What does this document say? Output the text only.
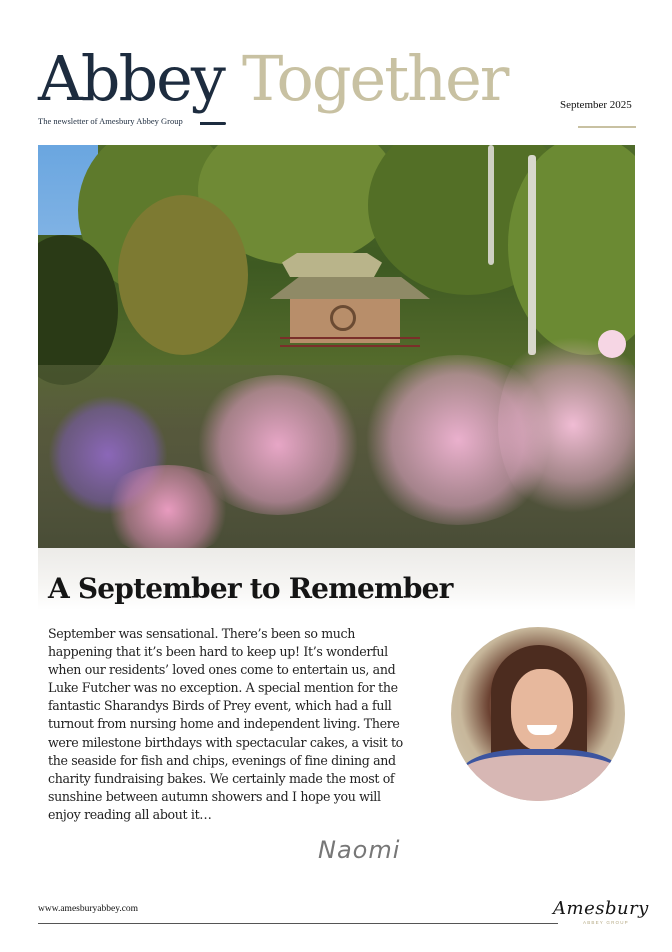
Abbey Together
The newsletter of Amesbury Abbey Group
September 2025
A September to Remember
September was sensational. There’s been so much
happening that it’s been hard to keep up! It’s wonderful
when our residents’ loved ones come to entertain us, and
Luke Futcher was no exception. A special mention for the
fantastic Sharandys Birds of Prey event, which had a full
turnout from nursing home and independent living. There
were milestone birthdays with spectacular cakes, a visit to
the seaside for fish and chips, evenings of fine dining and
charity fundraising bakes. We certainly made the most of
sunshine between autumn showers and I hope you will
enjoy reading all about it…
Naomi
www.amesburyabbey.com	Amesbury
ABBEY GROUP
